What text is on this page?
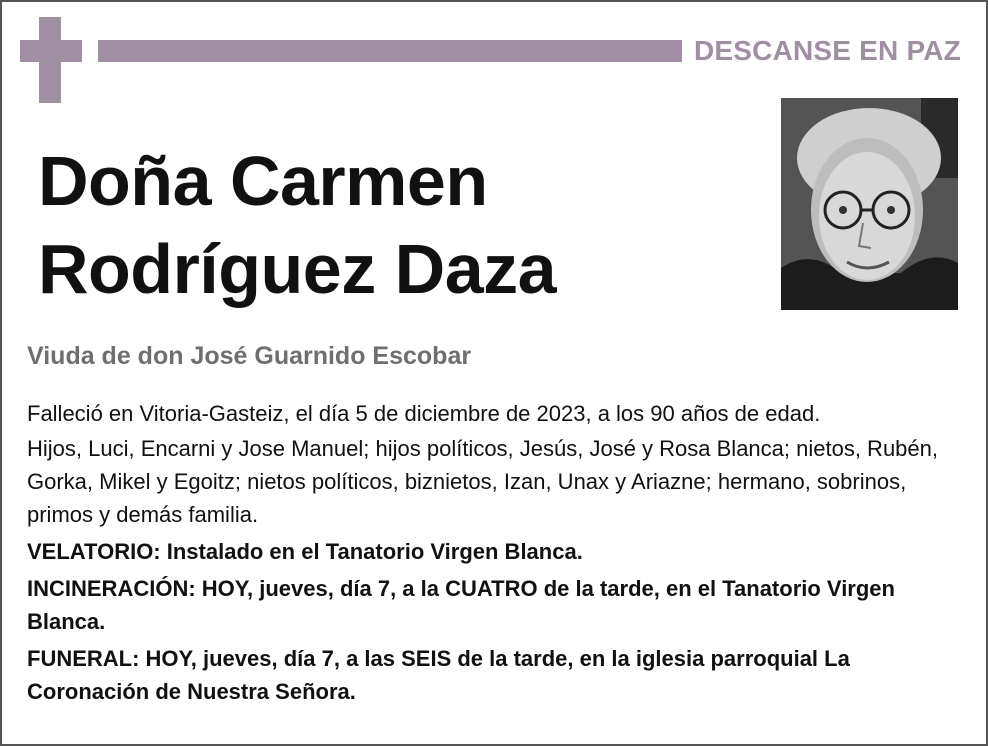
DESCANSE EN PAZ
Doña Carmen
Rodríguez Daza
Viuda de don José Guarnido Escobar

Falleció en Vitoria-Gasteiz, el día 5 de diciembre de 2023, a los 90 años de edad.

Hijos, Luci, Encarni y Jose Manuel; hijos políticos, Jesús, José y Rosa Blanca; nietos, Rubén, Gorka, Mikel y Egoitz; nietos políticos, biznietos, Izan, Unax y Ariazne; hermano, sobrinos, primos y demás familia.

VELATORIO: Instalado en el Tanatorio Virgen Blanca.

INCINERACIÓN: HOY, jueves, día 7, a la CUATRO de la tarde, en el Tanatorio Virgen Blanca.

FUNERAL: HOY, jueves, día 7, a las SEIS de la tarde, en la iglesia parroquial La Coronación de Nuestra Señora.
